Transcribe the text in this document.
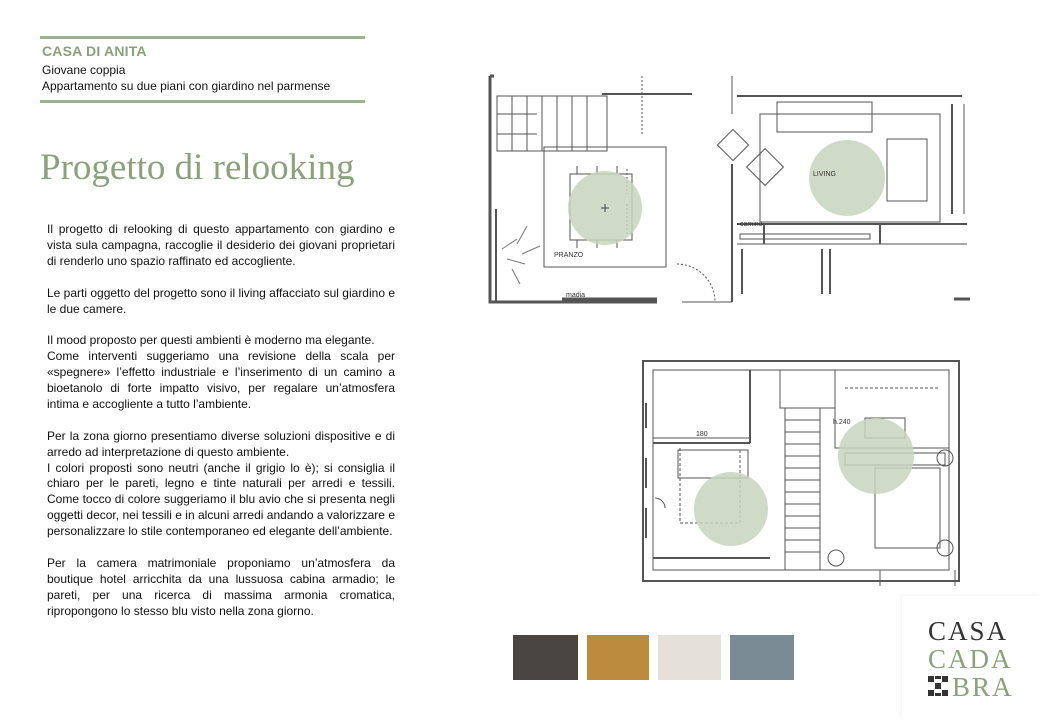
CASA DI ANITA
Giovane coppia
Appartamento su due piani con giardino nel parmense
Progetto di relooking

Il progetto di relooking di questo appartamento con giardino e vista sula campagna, raccoglie il desiderio dei giovani proprietari di renderlo uno spazio raffinato ed accogliente.

Le parti oggetto del progetto sono il living affacciato sul giardino e le due camere.

Il mood proposto per questi ambienti è moderno ma elegante.

Come interventi suggeriamo una revisione della scala per «spegnere» l’effetto industriale e l’inserimento di un camino a bioetanolo di forte impatto visivo, per regalare un’atmosfera intima e accogliente a tutto l’ambiente.

Per la zona giorno presentiamo diverse soluzioni dispositive e di arredo ad interpretazione di questo ambiente.

I colori proposti sono neutri (anche il grigio lo è); si consiglia il chiaro per le pareti, legno e tinte naturali per arredi e tessili. Come tocco di colore suggeriamo il blu avio che si presenta negli oggetti decor, nei tessili e in alcuni arredi andando a valorizzare e personalizzare lo stile contemporaneo ed elegante dell’ambiente.

Per la camera matrimoniale proponiamo un’atmosfera da boutique hotel arricchita da una lussuosa cabina armadio; le pareti, per una ricerca di massima armonia cromatica, ripropongono lo stesso blu visto nella zona giorno.

LIVING
PRANZO
camino
madia
180
h.240
CASA
CADA
BRA
